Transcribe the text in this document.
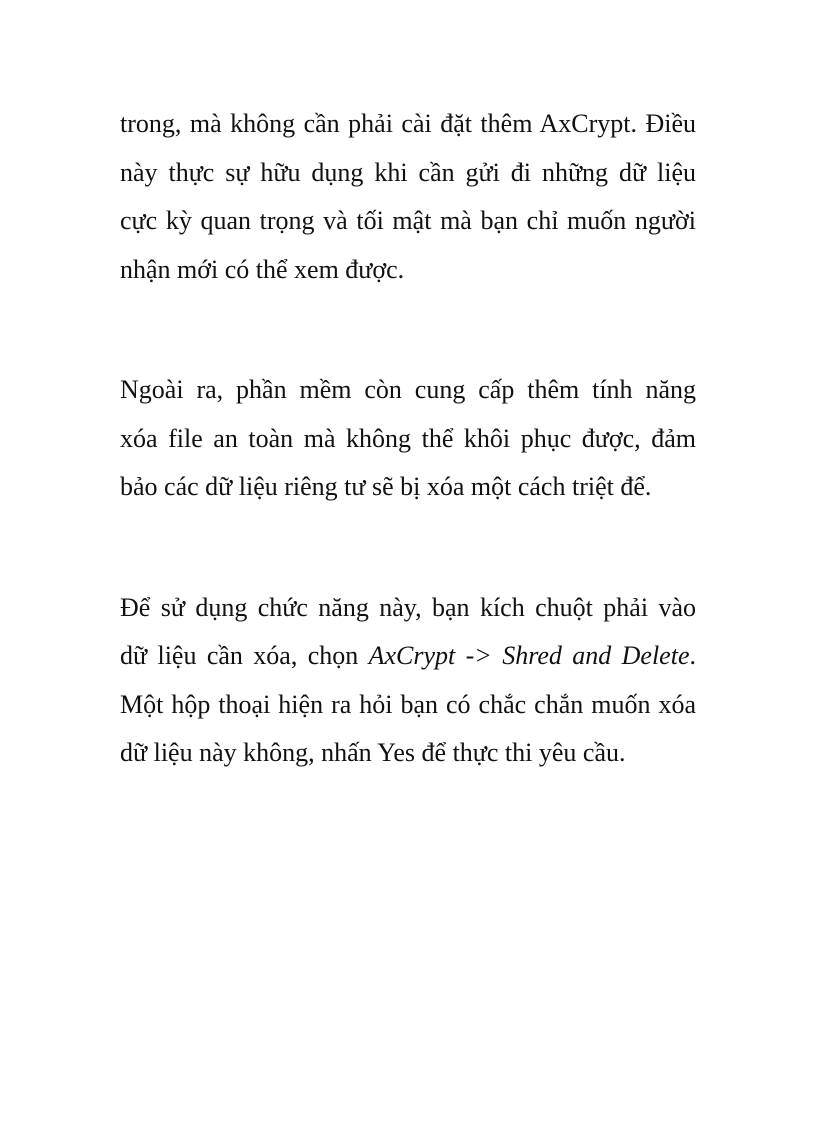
trong, mà không cần phải cài đặt thêm AxCrypt. Điều
này thực sự hữu dụng khi cần gửi đi những dữ liệu
cực kỳ quan trọng và tối mật mà bạn chỉ muốn người
nhận mới có thể xem được.

Ngoài ra, phần mềm còn cung cấp thêm tính năng
xóa file an toàn mà không thể khôi phục được, đảm
bảo các dữ liệu riêng tư sẽ bị xóa một cách triệt để.

Để sử dụng chức năng này, bạn kích chuột phải vào
dữ liệu cần xóa, chọn AxCrypt -> Shred and Delete.
Một hộp thoại hiện ra hỏi bạn có chắc chắn muốn xóa
dữ liệu này không, nhấn Yes để thực thi yêu cầu.
